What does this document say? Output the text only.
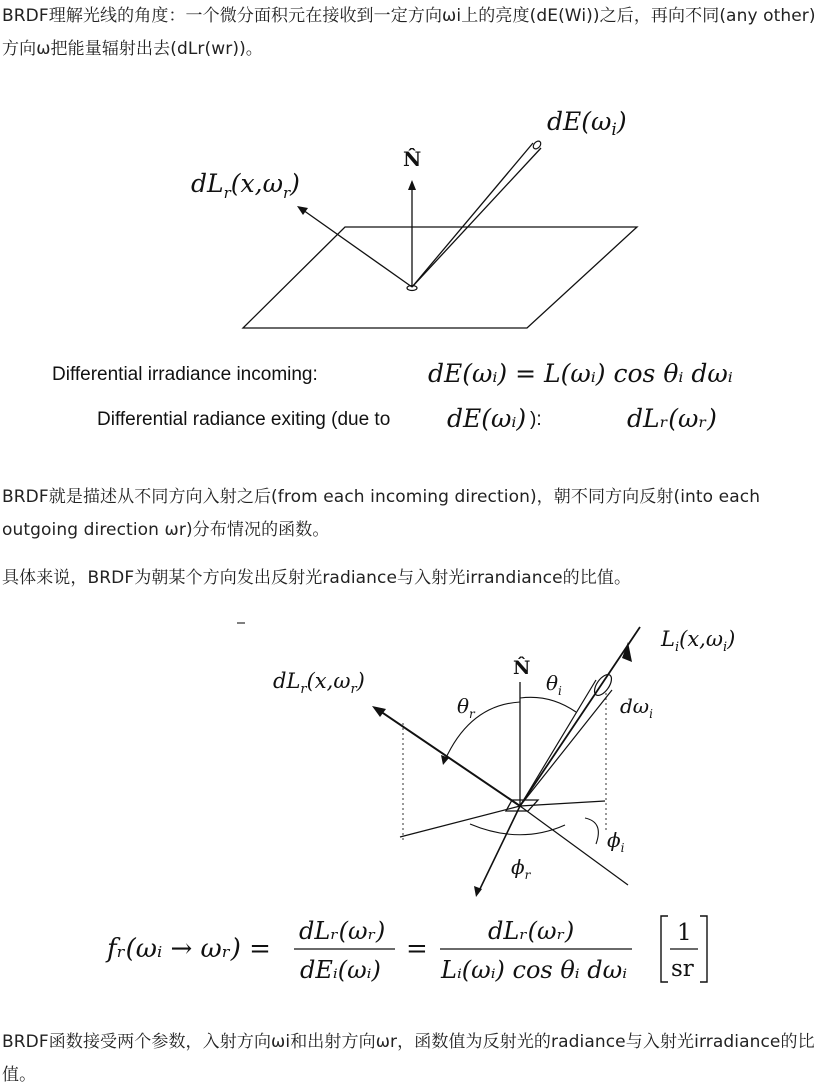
BRDF理解光线的角度：一个微分面积元在接收到一定方向ωi上的亮度(dE(Wi))之后，再向不同(any other)方向ω把能量辐射出去(dLr(wr))。

$dE(\omega_i)$
N̂
$dL_r(x,\omega_r)$
Differential irradiance incoming:	dE(ωᵢ) = L(ωᵢ) cos θᵢ dωᵢ
Differential radiance exiting (due to dE(ωᵢ) ):	dLᵣ(ωᵣ)

BRDF就是描述从不同方向入射之后(from each incoming direction)，朝不同方向反射(into each outgoing direction ωr)分布情况的函数。

具体来说，BRDF为朝某个方向发出反射光radiance与入射光irrandiance的比值。

$L_i(x,\omega_i)$
N̂
$\theta_i$
$\theta_r$	$d\omega_i$
$dL_r(x,\omega_r)$
$\phi_i$
$\phi_r$
fᵣ(ωᵢ → ωᵣ) =
dLᵣ(ωᵣ)
dEᵢ(ωᵢ)
=
dLᵣ(ωᵣ)
Lᵢ(ωᵢ) cos θᵢ dωᵢ
1
sr

BRDF函数接受两个参数，入射方向ωi和出射方向ωr，函数值为反射光的radiance与入射光irradiance的比值。
